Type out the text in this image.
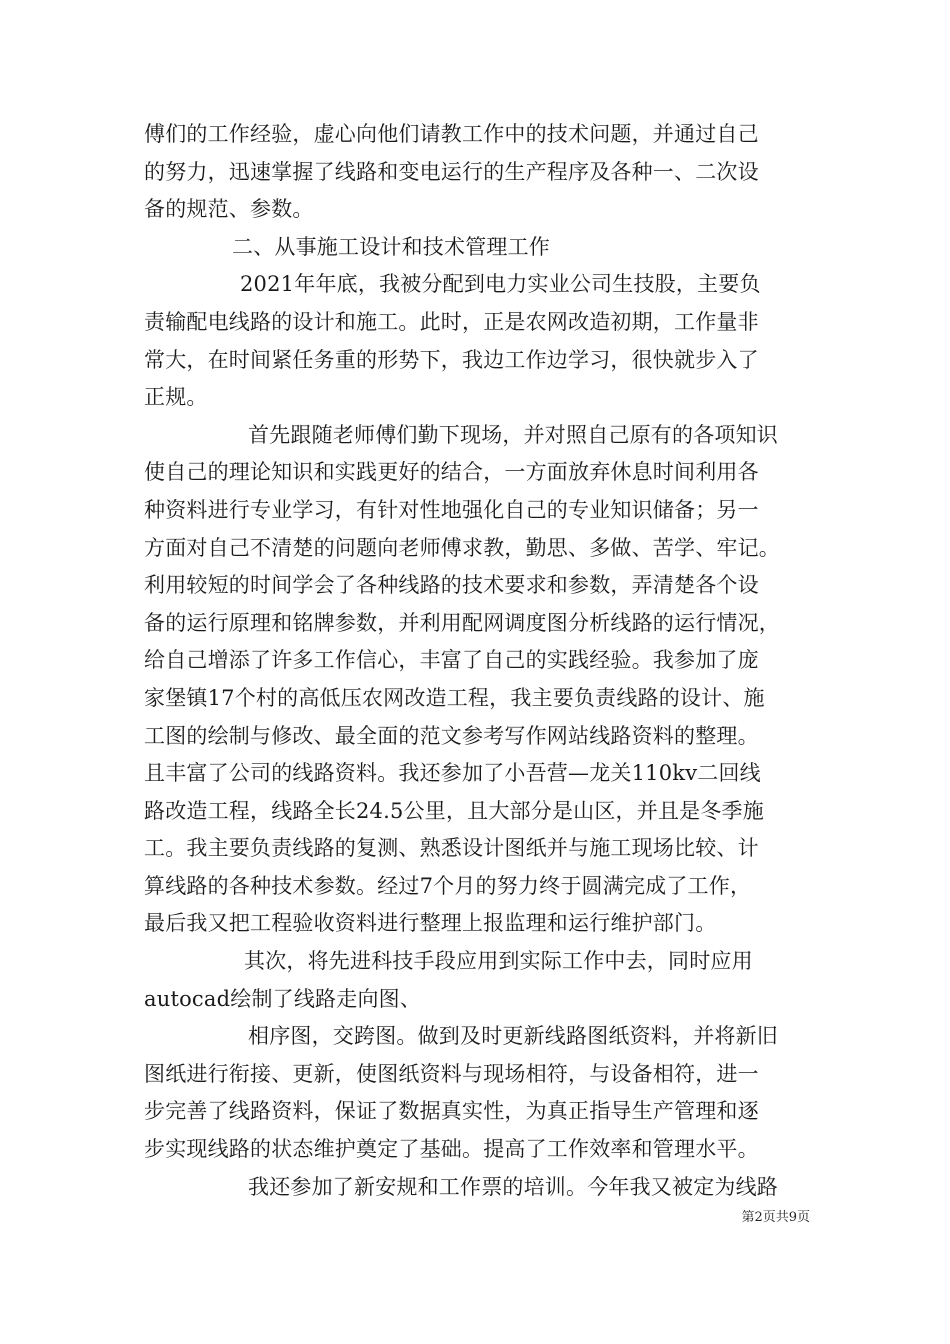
傅们的工作经验，虚心向他们请教工作中的技术问题，并通过自己
的努力，迅速掌握了线路和变电运行的生产程序及各种一、二次设
备的规范、参数。
二、从事施工设计和技术管理工作
2021年年底，我被分配到电力实业公司生技股，主要负
责输配电线路的设计和施工。此时，正是农网改造初期，工作量非
常大，在时间紧任务重的形势下，我边工作边学习，很快就步入了
正规。
首先跟随老师傅们勤下现场，并对照自己原有的各项知识
使自己的理论知识和实践更好的结合，一方面放弃休息时间利用各
种资料进行专业学习，有针对性地强化自己的专业知识储备；另一
方面对自己不清楚的问题向老师傅求教，勤思、多做、苦学、牢记。
利用较短的时间学会了各种线路的技术要求和参数，弄清楚各个设
备的运行原理和铭牌参数，并利用配网调度图分析线路的运行情况，
给自己增添了许多工作信心，丰富了自己的实践经验。我参加了庞
家堡镇17个村的高低压农网改造工程，我主要负责线路的设计、施
工图的绘制与修改、最全面的范文参考写作网站线路资料的整理。
且丰富了公司的线路资料。我还参加了小吾营—龙关110kv二回线
路改造工程，线路全长24.5公里，且大部分是山区，并且是冬季施
工。我主要负责线路的复测、熟悉设计图纸并与施工现场比较、计
算线路的各种技术参数。经过7个月的努力终于圆满完成了工作，
最后我又把工程验收资料进行整理上报监理和运行维护部门。
其次，将先进科技手段应用到实际工作中去，同时应用
autocad绘制了线路走向图、
相序图，交跨图。做到及时更新线路图纸资料，并将新旧
图纸进行衔接、更新，使图纸资料与现场相符，与设备相符，进一
步完善了线路资料，保证了数据真实性，为真正指导生产管理和逐
步实现线路的状态维护奠定了基础。提高了工作效率和管理水平。
我还参加了新安规和工作票的培训。今年我又被定为线路
第2页共9页
